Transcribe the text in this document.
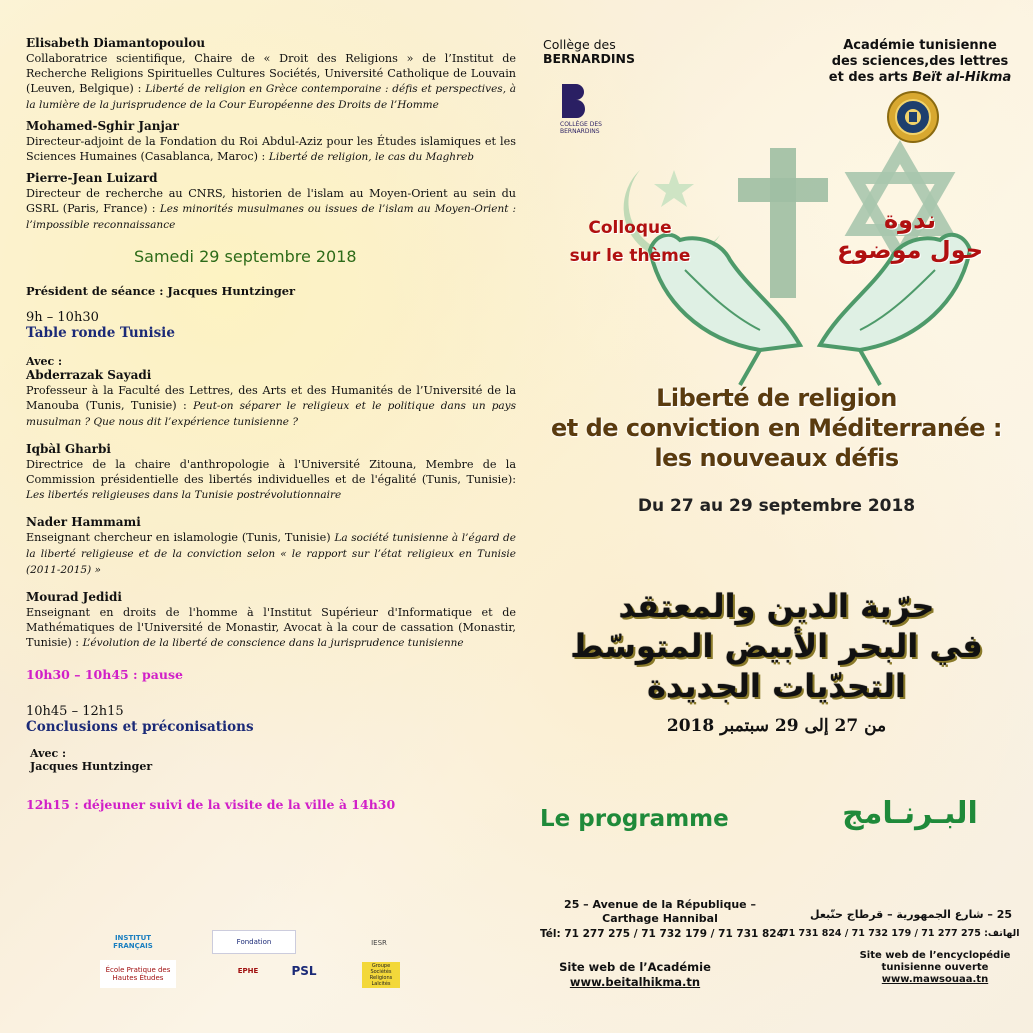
Elisabeth Diamantopoulou
Collaboratrice scientifique, Chaire de « Droit des Religions » de l’Institut de Recherche Religions Spirituelles Cultures Sociétés, Université Catholique de Louvain (Leuven, Belgique) : Liberté de religion en Grèce contemporaine : défis et perspectives, à la lumière de la jurisprudence de la Cour Européenne des Droits de l’Homme
Mohamed-Sghir Janjar
Directeur-adjoint de la Fondation du Roi Abdul-Aziz pour les Études islamiques et les Sciences Humaines (Casablanca, Maroc) : Liberté de religion, le cas du Maghreb
Pierre-Jean Luizard
Directeur de recherche au CNRS, historien de l'islam au Moyen-Orient au sein du GSRL (Paris, France) : Les minorités musulmanes ou issues de l’islam au Moyen-Orient : l’impossible reconnaissance
Samedi 29 septembre 2018
Président de séance : Jacques Huntzinger
9h – 10h30
Table ronde Tunisie
Avec :
Abderrazak Sayadi
Professeur à la Faculté des Lettres, des Arts et des Humanités de l’Université de la Manouba (Tunis, Tunisie) : Peut-on séparer le religieux et le politique dans un pays musulman ? Que nous dit l’expérience tunisienne ?
Iqbàl Gharbi
Directrice de la chaire d'anthropologie à l'Université Zitouna, Membre de la Commission présidentielle des libertés individuelles et de l'égalité (Tunis, Tunisie): Les libertés religieuses dans la Tunisie postrévolutionnaire
Nader Hammami
Enseignant chercheur en islamologie (Tunis, Tunisie) La société tunisienne à l’égard de la liberté religieuse et de la conviction selon « le rapport sur l’état religieux en Tunisie (2011-2015) »
Mourad Jedidi
Enseignant en droits de l'homme à l'Institut Supérieur d'Informatique et de Mathématiques de l'Université de Monastir, Avocat à la cour de cassation (Monastir, Tunisie) : L’évolution de la liberté de conscience dans la jurisprudence tunisienne
10h30 – 10h45 : pause
10h45 – 12h15
Conclusions et préconisations
Avec :
Jacques Huntzinger
12h15 : déjeuner suivi de la visite de la ville à 14h30
INSTITUT FRANÇAIS	Fondation	IESR
École Pratique des Hautes Études
EPHE	PSL	Groupe Sociétés Religions Laïcités
Collège des
BERNARDINS
COLLÈGE DES BERNARDINS
Académie tunisienne
des sciences,des lettres
et des arts Beït al-Hikma
Colloque
sur le thème
ندوة
حول موضوع
Liberté de religion
et de conviction en Méditerranée :
les nouveaux défis
Du 27 au 29 septembre 2018
حرّية الدين والمعتقد
في البحر الأبيض المتوسّط
التحدّيات الجديدة
من 27 إلى 29 سبتمبر 2018
Le programme	البـرنـامج
25 – Avenue de la République –
Carthage Hannibal
Tél: 71 277 275 / 71 732 179 / 71 731 824
25 – شارع الجمهورية – قرطاج حنّبعل
الهاتف: 275 277 71 / 179 732 71 / 824 731 71
Site web de l’Académie
www.beitalhikma.tn
Site web de l’encyclopédie
tunisienne ouverte
www.mawsouaa.tn
